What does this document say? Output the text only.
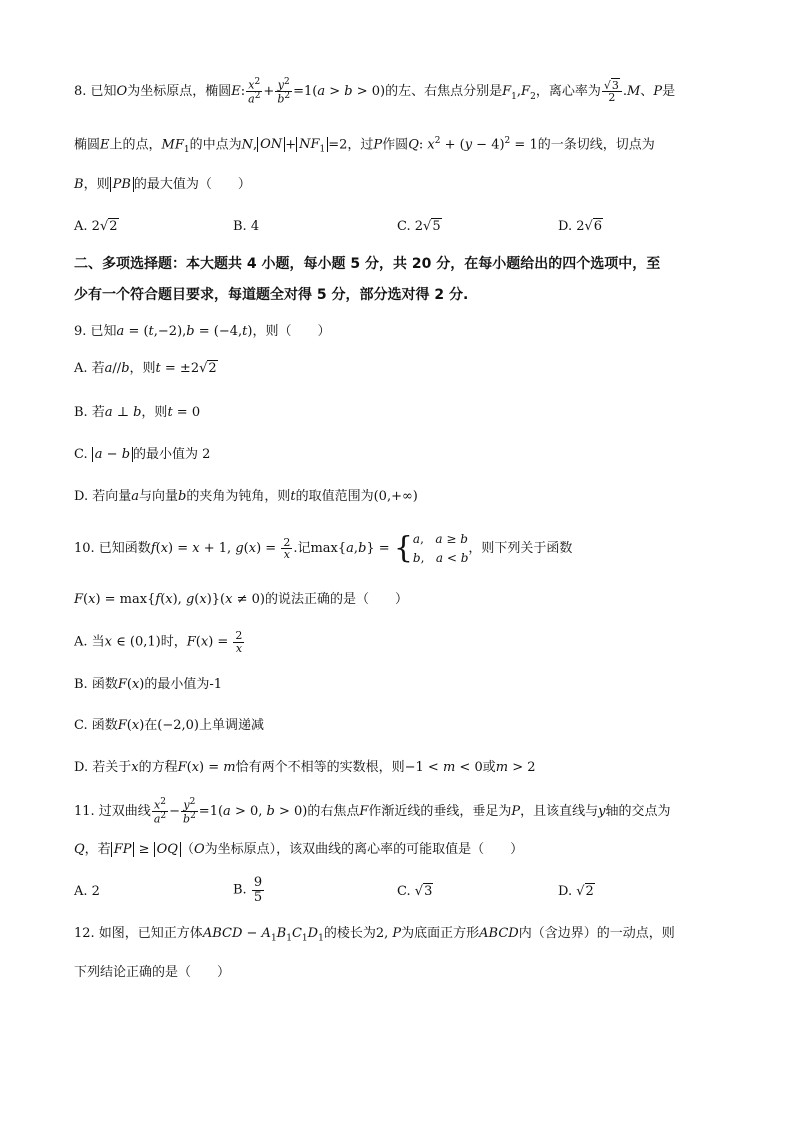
8. 已知O为坐标原点，椭圆E: $\frac{x^2}{a^2} + \frac{y^2}{b^2} =1(a > b > 0)$的左、右焦点分别是$F_1,F_2$，离心率为 $\frac{√3}{2} .M$、P是
椭圆E上的点，$MF_1$的中点为N, ON + $NF_1 =2$，过P作圆Q: $x^2 + (y - 4)^2 = 1$的一条切线，切点为
B，则 PB 的最大值为（　　）
A. 2√2	B. 4	C. 2√5	D. 2√6
二、多项选择题：本大题共 4 小题，每小题 5 分，共 20 分，在每小题给出的四个选项中，至
少有一个符合题目要求，每道题全对得 5 分，部分选对得 2 分.
9. 已知a = (t,−2),b = (−4,t)，则（　　）
A. 若a//b，则t = ±2√2
B. 若a ⊥ b，则t = 0
C. a − b 的最小值为 2
D. 若向量a与向量b的夹角为钝角，则t的取值范围为(0,+∞)
10. 已知函数f(x) = x + 1, $g(x) = \frac{2}{x}$ .记max{a,b} = {a,   a ≥ b
b,   a < b，则下列关于函数
F(x) = max{f(x), g(x)}(x ≠ 0)的说法正确的是（　　）
A. 当x ∈ (0,1)时，$F(x) = \frac{2}{x}$
B. 函数F(x)的最小值为-1
C. 函数F(x)在(−2,0)上单调递减
D. 若关于x的方程F(x) = m恰有两个不相等的实数根，则−1 < m < 0或m > 2
11. 过双曲线 $\frac{x^2}{a^2} - \frac{y^2}{b^2} =1(a > 0$, b > 0)的右焦点F作渐近线的垂线，垂足为P，且该直线与y轴的交点为
Q，若 FP ≥ OQ （O为坐标原点），该双曲线的离心率的可能取值是（　　）
A. 2	B. $\frac{9}{5}$	C. √3	D. √2
12. 如图，已知正方体ABCD − $A_1B_1C_1D_1$的棱长为2, P为底面正方形ABCD内（含边界）的一动点，则
下列结论正确的是（　　）
